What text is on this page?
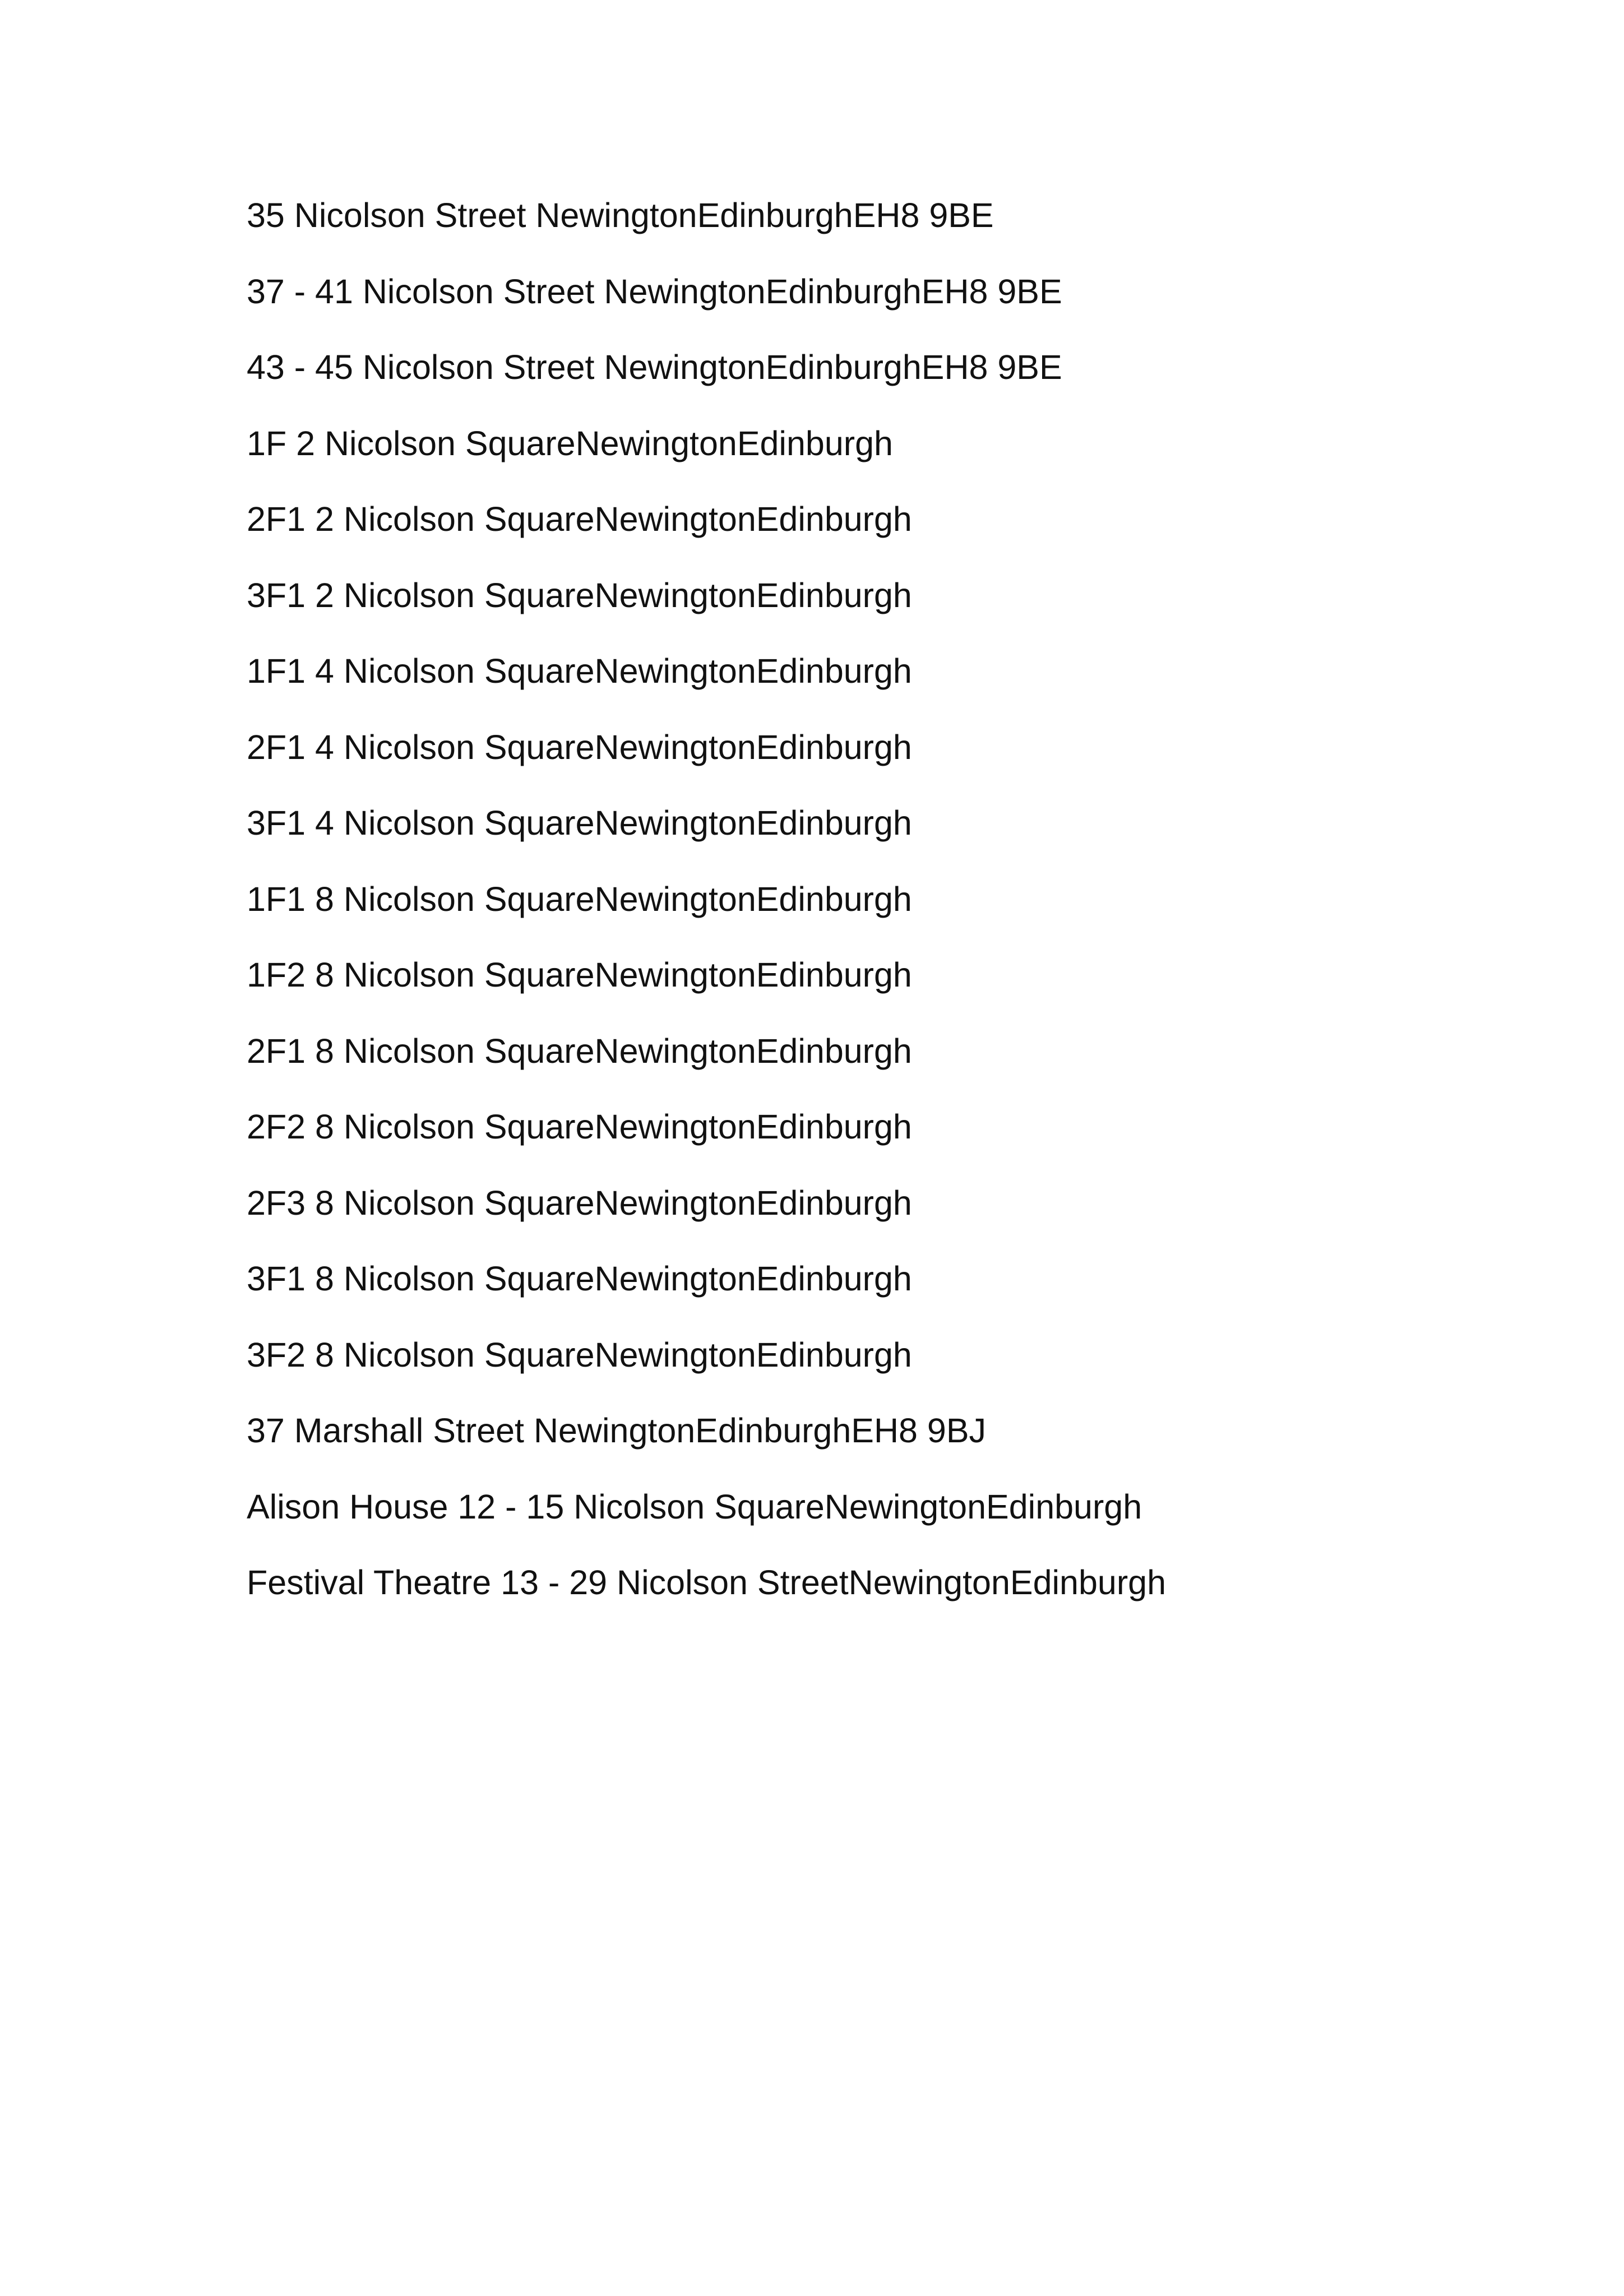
35 Nicolson Street NewingtonEdinburghEH8 9BE
37 - 41 Nicolson Street NewingtonEdinburghEH8 9BE
43 - 45 Nicolson Street NewingtonEdinburghEH8 9BE
1F 2 Nicolson SquareNewingtonEdinburgh
2F1 2 Nicolson SquareNewingtonEdinburgh
3F1 2 Nicolson SquareNewingtonEdinburgh
1F1 4 Nicolson SquareNewingtonEdinburgh
2F1 4 Nicolson SquareNewingtonEdinburgh
3F1 4 Nicolson SquareNewingtonEdinburgh
1F1 8 Nicolson SquareNewingtonEdinburgh
1F2 8 Nicolson SquareNewingtonEdinburgh
2F1 8 Nicolson SquareNewingtonEdinburgh
2F2 8 Nicolson SquareNewingtonEdinburgh
2F3 8 Nicolson SquareNewingtonEdinburgh
3F1 8 Nicolson SquareNewingtonEdinburgh
3F2 8 Nicolson SquareNewingtonEdinburgh
37 Marshall Street NewingtonEdinburghEH8 9BJ
Alison House 12 - 15 Nicolson SquareNewingtonEdinburgh
Festival Theatre 13 - 29 Nicolson StreetNewingtonEdinburgh
